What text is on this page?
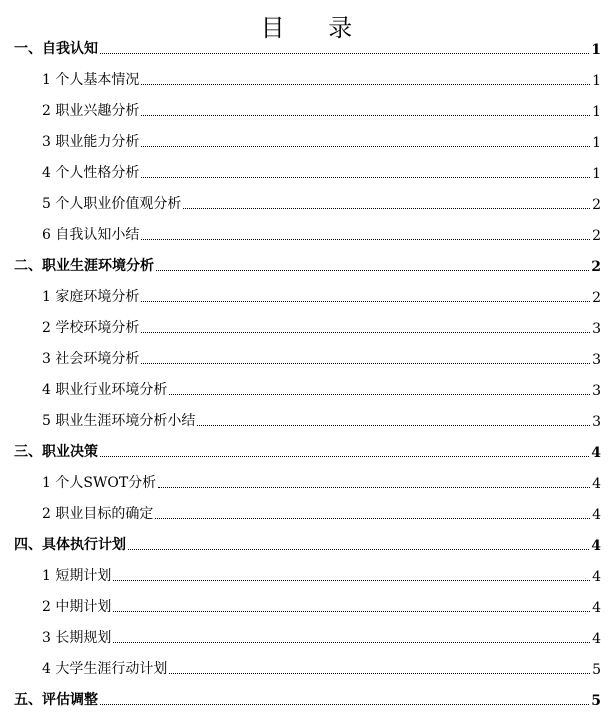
目 录
一、自我认知	1
1 个人基本情况	1
2 职业兴趣分析	1
3 职业能力分析	1
4 个人性格分析	1
5 个人职业价值观分析	2
6 自我认知小结	2
二、职业生涯环境分析	2
1 家庭环境分析	2
2 学校环境分析	3
3 社会环境分析	3
4 职业行业环境分析	3
5 职业生涯环境分析小结	3
三、职业决策	4
1 个人SWOT分析	4
2 职业目标的确定	4
四、具体执行计划	4
1 短期计划	4
2 中期计划	4
3 长期规划	4
4 大学生涯行动计划	5
五、评估调整	5
